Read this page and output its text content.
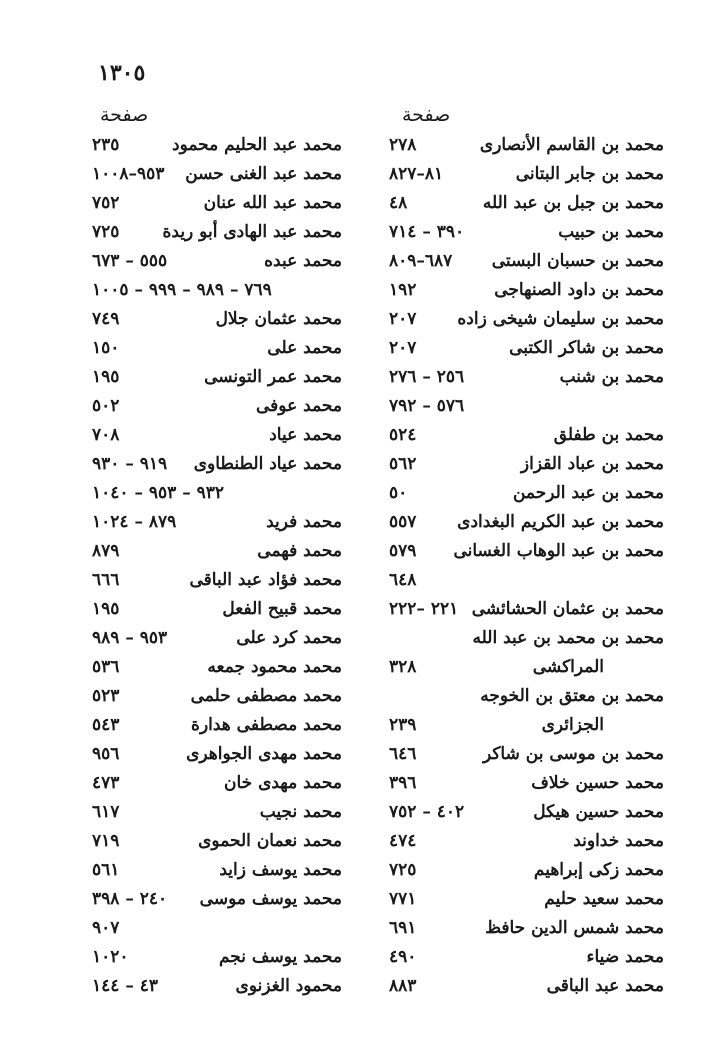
١٣٠٥
صفحة
صفحة
محمد بن القاسم الأنصارى
٢٧٨
محمد بن جابر البتانى
٨١–٨٢٧
محمد بن جبل بن عبد الله
٤٨
محمد بن حبيب
٣٩٠ – ٧١٤
محمد بن حسبان البستى
٦٨٧–٨٠٩
محمد بن داود الصنهاجى
١٩٢
محمد بن سليمان شيخى زاده
٢٠٧
محمد بن شاكر الكتبى
٢٠٧
محمد بن شنب
٢٥٦ – ٢٧٦
٥٧٦ – ٧٩٢
محمد بن طفلق
٥٢٤
محمد بن عباد القزاز
٥٦٢
محمد بن عبد الرحمن
٥٠
محمد بن عبد الكريم البغدادى
٥٥٧
محمد بن عبد الوهاب الغسانى
٥٧٩
٦٤٨
محمد بن عثمان الحشائشى
٢٢١ –٢٢٢
محمد بن محمد بن عبد الله
المراكشى
٣٢٨
محمد بن معتق بن الخوجه
الجزائرى
٢٣٩
محمد بن موسى بن شاكر
٦٤٦
محمد حسين خلاف
٣٩٦
محمد حسين هيكل
٤٠٢ – ٧٥٢
محمد خداوند
٤٧٤
محمد زكى إبراهيم
٧٢٥
محمد سعيد حليم
٧٧١
محمد شمس الدين حافظ
٦٩١
محمد ضياء
٤٩٠
محمد عبد الباقى
٨٨٣
محمد عبد الحليم محمود
٢٣٥
محمد عبد الغنى حسن
٩٥٣–١٠٠٨
محمد عبد الله عنان
٧٥٢
محمد عبد الهادى أبو ريدة
٧٢٥
محمد عبده
٥٥٥ – ٦٧٣
٧٦٩ – ٩٨٩ – ٩٩٩ – ١٠٠٥
محمد عثمان جلال
٧٤٩
محمد على
١٥٠
محمد عمر التونسى
١٩٥
محمد عوفى
٥٠٢
محمد عياد
٧٠٨
محمد عياد الطنطاوى
٩١٩ – ٩٣٠
٩٣٢ – ٩٥٣ – ١٠٤٠
محمد فريد
٨٧٩ – ١٠٢٤
محمد فهمى
٨٧٩
محمد فؤاد عبد الباقى
٦٦٦
محمد قبيح الفعل
١٩٥
محمد كرد على
٩٥٣ – ٩٨٩
محمد محمود جمعه
٥٣٦
محمد مصطفى حلمى
٥٢٣
محمد مصطفى هدارة
٥٤٣
محمد مهدى الجواهرى
٩٥٦
محمد مهدى خان
٤٧٣
محمد نجيب
٦١٧
محمد نعمان الحموى
٧١٩
محمد يوسف زايد
٥٦١
محمد يوسف موسى
٢٤٠ – ٣٩٨
٩٠٧
محمد يوسف نجم
١٠٢٠
محمود الغزنوى
٤٣ – ١٤٤
